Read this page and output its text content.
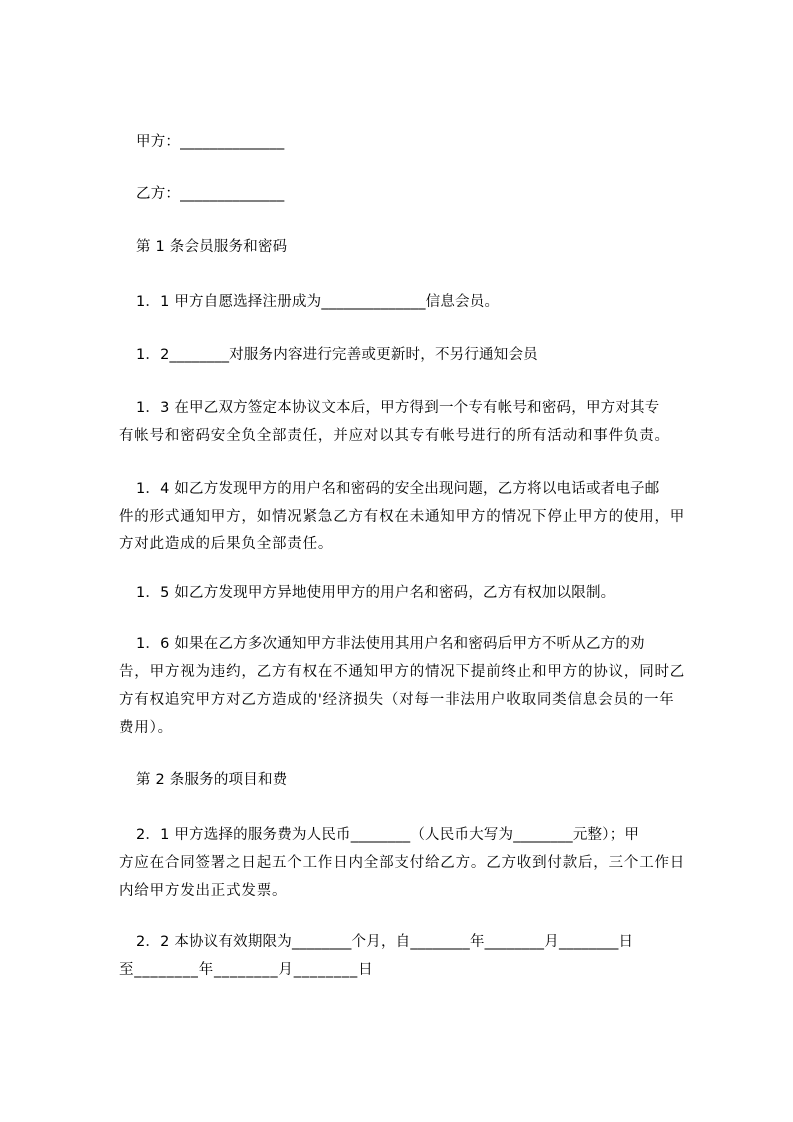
甲方：______________
乙方：______________
第 1 条会员服务和密码
1．1 甲方自愿选择注册成为______________信息会员。
1．2________对服务内容进行完善或更新时，不另行通知会员
1．3 在甲乙双方签定本协议文本后，甲方得到一个专有帐号和密码，甲方对其专
有帐号和密码安全负全部责任，并应对以其专有帐号进行的所有活动和事件负责。
1．4 如乙方发现甲方的用户名和密码的安全出现问题，乙方将以电话或者电子邮
件的形式通知甲方，如情况紧急乙方有权在未通知甲方的情况下停止甲方的使用，甲
方对此造成的后果负全部责任。
1．5 如乙方发现甲方异地使用甲方的用户名和密码，乙方有权加以限制。
1．6 如果在乙方多次通知甲方非法使用其用户名和密码后甲方不听从乙方的劝
告，甲方视为违约，乙方有权在不通知甲方的情况下提前终止和甲方的协议，同时乙
方有权追究甲方对乙方造成的'经济损失（对每一非法用户收取同类信息会员的一年
费用）。
第 2 条服务的项目和费
2．1 甲方选择的服务费为人民币________（人民币大写为________元整）；甲
方应在合同签署之日起五个工作日内全部支付给乙方。乙方收到付款后，三个工作日
内给甲方发出正式发票。
2．2 本协议有效期限为________个月，自________年________月________日
至________年________月________日
